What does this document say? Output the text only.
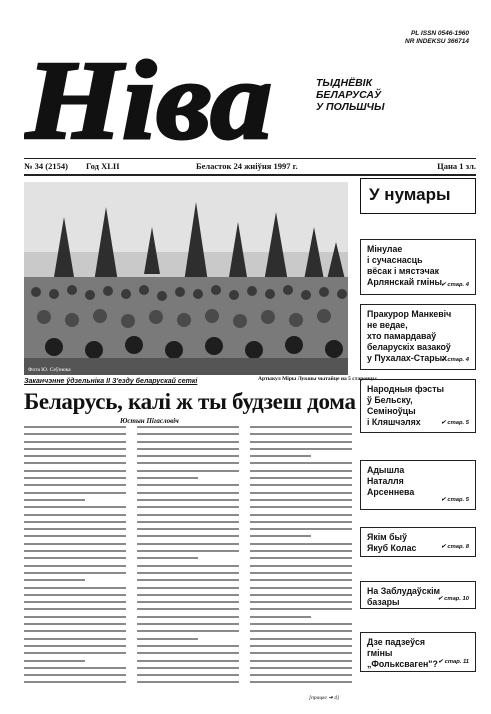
PL ISSN 0546-1960
NR INDEKSU 366714
Ніва	ТЫДНЁВІК
БЕЛАРУСАЎ
У ПОЛЬШЧЫ
№ 34 (2154) Год XLII	Беласток 24 жніўня 1997 г.	Цана 1 зл.
Фота Ю. Сеўнюка
Артыкул Міры Лукшы чытайце на 5 старонцы.
Заканчэнне ўдзельніка ІІ З'езду беларускай сеткі
Беларусь, калі ж ты будзеш дома
Юстын Пігасловіч
[працяг ➔ 4]
У нумары
Мінулае
і сучаснасць
вёсак і мястэчак
Арлянскай гміны
✔ стар. 4
Пракурор Манкевіч
не ведае,
хто памардаваў
беларускіх вазакоў
у Пухалах-Старых
✔ стар. 4
Народныя фэсты
ў Бельску,
Семіноўцы
і Кляшчэлях	✔ стар. 5
Адышла
Наталля
Арсеннева
✔ стар. 5
Якім быў
Якуб Колас	✔ стар. 8
На Заблудаўскім
базары	✔ стар. 10
Дзе падзеўся
гміны
„Фольксваген"? ✔ стар. 11
